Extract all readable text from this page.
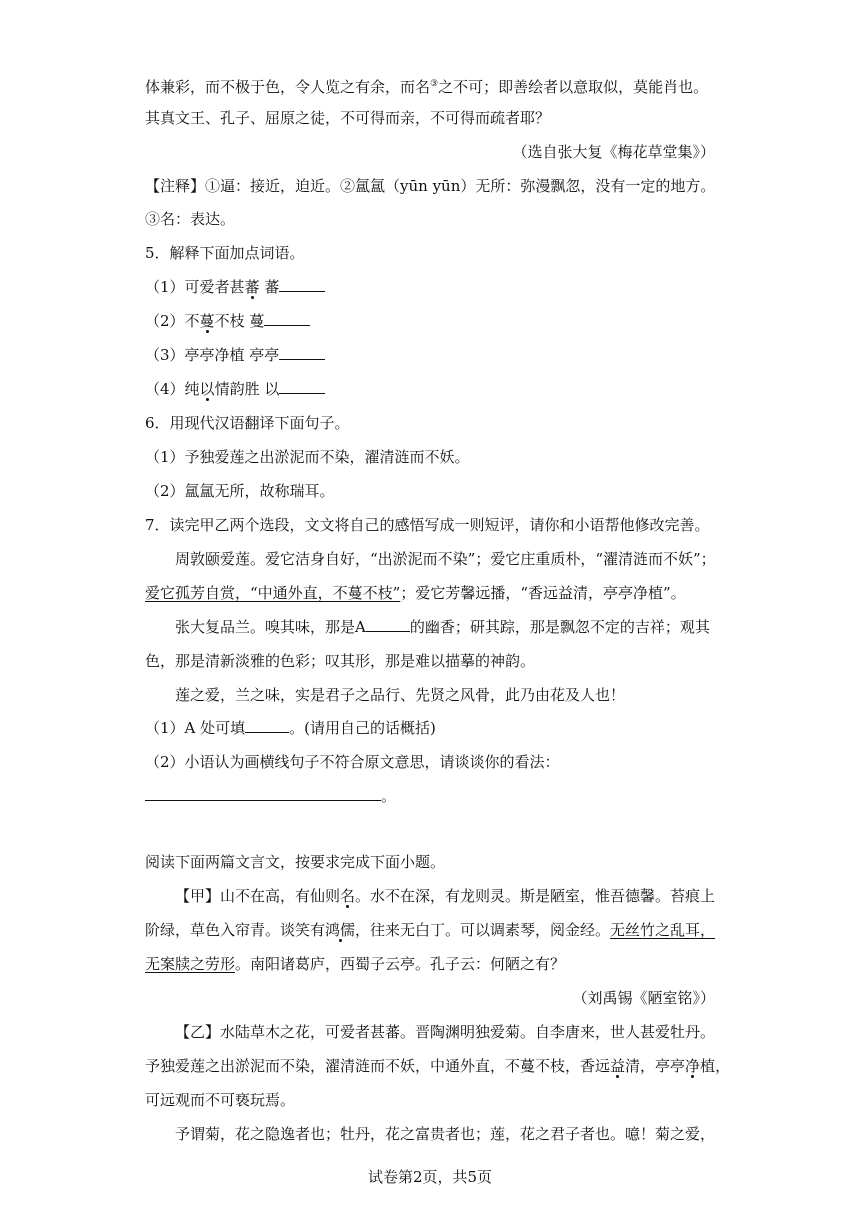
体兼彩，而不极于色，令人览之有余，而名③之不可；即善绘者以意取似，莫能肖也。
其真文王、孔子、屈原之徒，不可得而亲，不可得而疏者耶？
（选自张大复《梅花草堂集》）
【注释】①逼：接近，迫近。②氲氲（yūn yūn）无所：弥漫飘忽，没有一定的地方。
③名：表达。
5．解释下面加点词语。
（1）可爱者甚蕃 蕃
（2）不蔓不枝 蔓
（3）亭亭净植 亭亭
（4）纯以情韵胜 以
6．用现代汉语翻译下面句子。
（1）予独爱莲之出淤泥而不染，濯清涟而不妖。
（2）氲氲无所，故称瑞耳。
7．读完甲乙两个选段，文文将自己的感悟写成一则短评，请你和小语帮他修改完善。
周敦颐爱莲。爱它洁身自好，“出淤泥而不染”；爱它庄重质朴，“濯清涟而不妖”；
爱它孤芳自赏，“中通外直，不蔓不枝”；爱它芳馨远播，“香远益清，亭亭净植”。
张大复品兰。嗅其味，那是A	的幽香；研其踪，那是飘忽不定的吉祥；观其
色，那是清新淡雅的色彩；叹其形，那是难以描摹的神韵。
莲之爱，兰之味，实是君子之品行、先贤之风骨，此乃由花及人也！
（1）A 处可填	。(请用自己的话概括)
（2）小语认为画横线句子不符合原文意思，请谈谈你的看法：
。
阅读下面两篇文言文，按要求完成下面小题。
【甲】山不在高，有仙则名。水不在深，有龙则灵。斯是陋室，惟吾德馨。苔痕上
阶绿，草色入帘青。谈笑有鸿儒，往来无白丁。可以调素琴，阅金经。无丝竹之乱耳，
无案牍之劳形。南阳诸葛庐，西蜀子云亭。孔子云：何陋之有？
（刘禹锡《陋室铭》）
【乙】水陆草木之花，可爱者甚蕃。晋陶渊明独爱菊。自李唐来，世人甚爱牡丹。
予独爱莲之出淤泥而不染，濯清涟而不妖，中通外直，不蔓不枝，香远益清，亭亭净植，
可远观而不可亵玩焉。
予谓菊，花之隐逸者也；牡丹，花之富贵者也；莲，花之君子者也。噫！菊之爱，
试卷第2页，共5页
